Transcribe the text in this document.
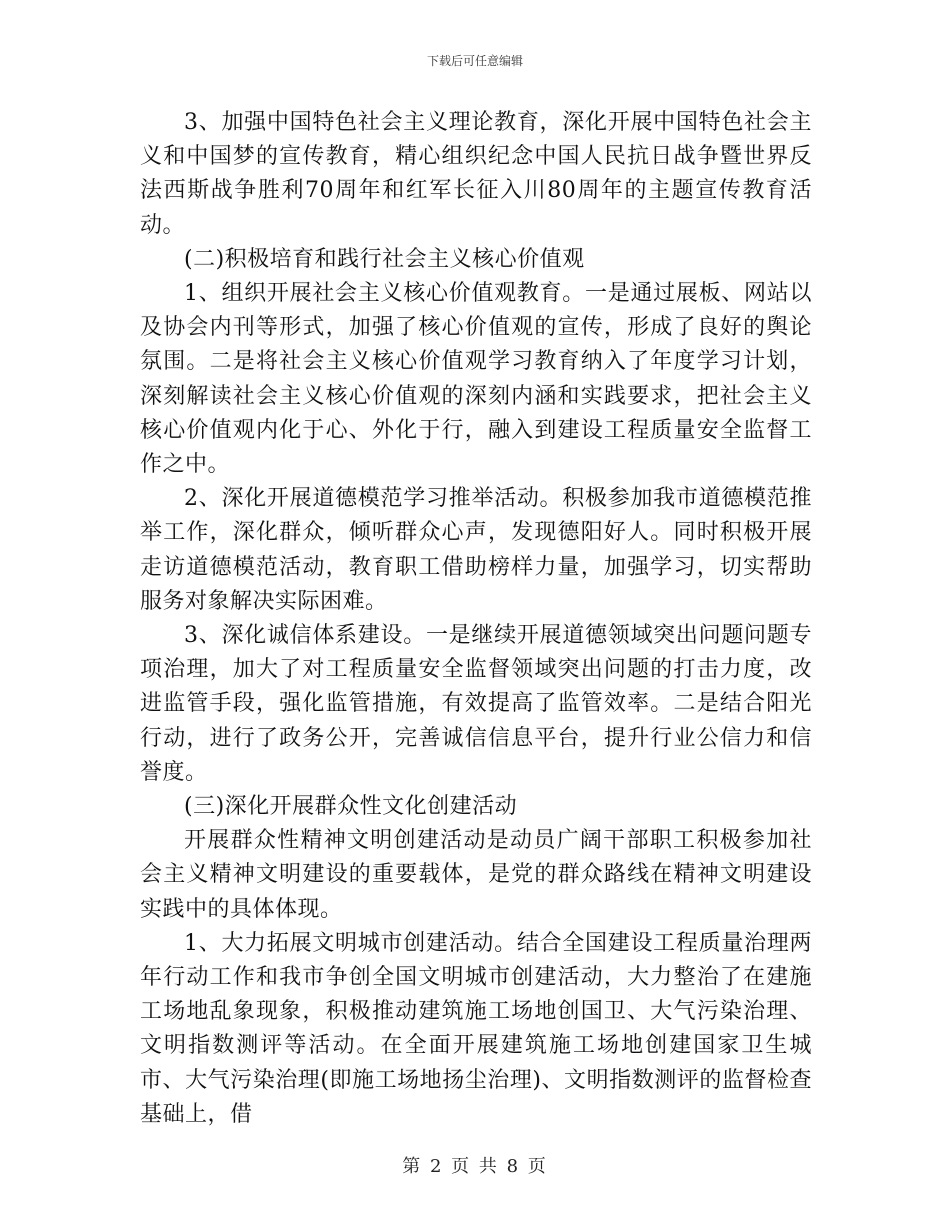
下载后可任意编辑

3、加强中国特色社会主义理论教育，深化开展中国特色社会主义和中国梦的宣传教育，精心组织纪念中国人民抗日战争暨世界反法西斯战争胜利70周年和红军长征入川80周年的主题宣传教育活动。

(二)积极培育和践行社会主义核心价值观

1、组织开展社会主义核心价值观教育。一是通过展板、网站以及协会内刊等形式，加强了核心价值观的宣传，形成了良好的舆论氛围。二是将社会主义核心价值观学习教育纳入了年度学习计划，深刻解读社会主义核心价值观的深刻内涵和实践要求，把社会主义核心价值观内化于心、外化于行，融入到建设工程质量安全监督工作之中。

2、深化开展道德模范学习推举活动。积极参加我市道德模范推举工作，深化群众，倾听群众心声，发现德阳好人。同时积极开展走访道德模范活动，教育职工借助榜样力量，加强学习，切实帮助服务对象解决实际困难。

3、深化诚信体系建设。一是继续开展道德领域突出问题问题专项治理，加大了对工程质量安全监督领域突出问题的打击力度，改进监管手段，强化监管措施，有效提高了监管效率。二是结合阳光行动，进行了政务公开，完善诚信信息平台，提升行业公信力和信誉度。

(三)深化开展群众性文化创建活动

开展群众性精神文明创建活动是动员广阔干部职工积极参加社会主义精神文明建设的重要载体，是党的群众路线在精神文明建设实践中的具体体现。

1、大力拓展文明城市创建活动。结合全国建设工程质量治理两年行动工作和我市争创全国文明城市创建活动，大力整治了在建施工场地乱象现象，积极推动建筑施工场地创国卫、大气污染治理、文明指数测评等活动。在全面开展建筑施工场地创建国家卫生城市、大气污染治理(即施工场地扬尘治理)、文明指数测评的监督检查基础上，借

第 2 页 共 8 页
